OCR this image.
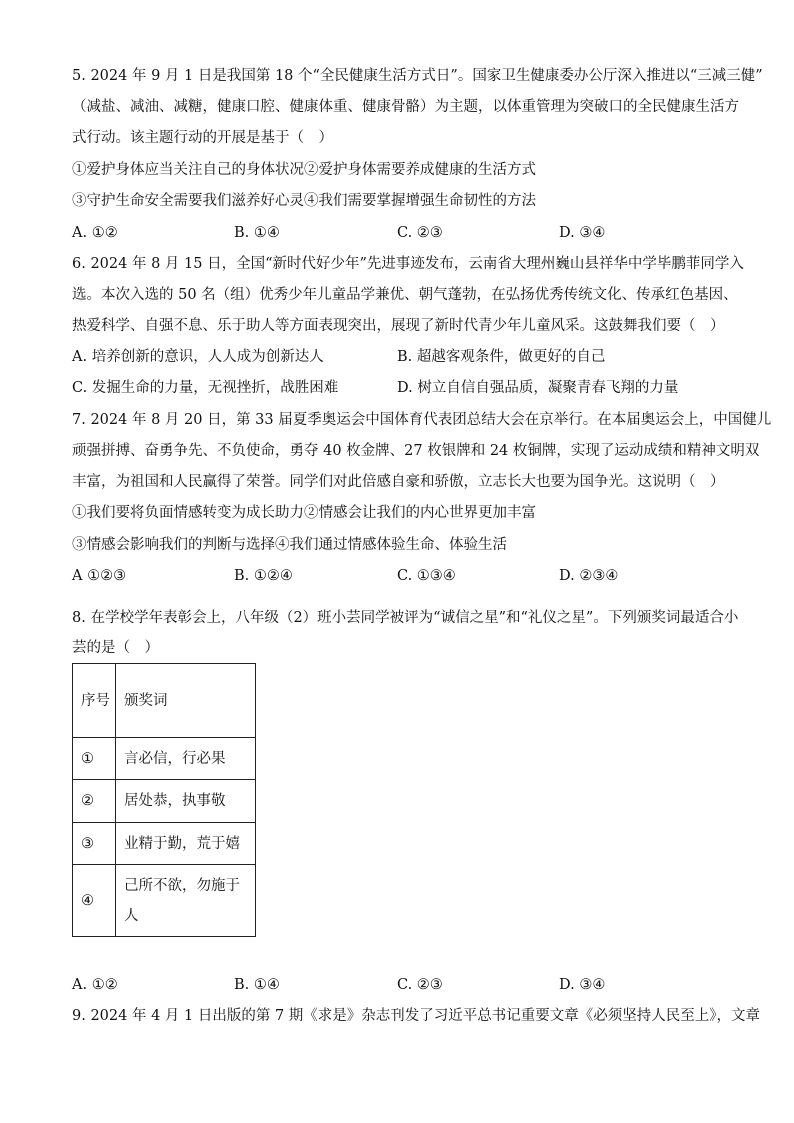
5. 2024 年 9 月 1 日是我国第 18 个“全民健康生活方式日”。国家卫生健康委办公厅深入推进以“三减三健”
（减盐、减油、减糖，健康口腔、健康体重、健康骨骼）为主题，以体重管理为突破口的全民健康生活方
式行动。该主题行动的开展是基于（　）
①爱护身体应当关注自己的身体状况②爱护身体需要养成健康的生活方式
③守护生命安全需要我们滋养好心灵④我们需要掌握增强生命韧性的方法
A. ①②	B. ①④	C. ②③	D. ③④
6. 2024 年 8 月 15 日，全国“新时代好少年”先进事迹发布，云南省大理州巍山县祥华中学毕鹏菲同学入
选。本次入选的 50 名（组）优秀少年儿童品学兼优、朝气蓬勃，在弘扬优秀传统文化、传承红色基因、
热爱科学、自强不息、乐于助人等方面表现突出，展现了新时代青少年儿童风采。这鼓舞我们要（　）
A. 培养创新的意识，人人成为创新达人	B. 超越客观条件，做更好的自己
C. 发掘生命的力量，无视挫折，战胜困难	D. 树立自信自强品质，凝聚青春飞翔的力量
7. 2024 年 8 月 20 日，第 33 届夏季奥运会中国体育代表团总结大会在京举行。在本届奥运会上，中国健儿
顽强拼搏、奋勇争先、不负使命，勇夺 40 枚金牌、27 枚银牌和 24 枚铜牌，实现了运动成绩和精神文明双
丰富，为祖国和人民赢得了荣誉。同学们对此倍感自豪和骄傲，立志长大也要为国争光。这说明（　）
①我们要将负面情感转变为成长助力②情感会让我们的内心世界更加丰富
③情感会影响我们的判断与选择④我们通过情感体验生命、体验生活
A ①②③	B. ①②④	C. ①③④	D. ②③④
8. 在学校学年表彰会上，八年级（2）班小芸同学被评为“诚信之星”和“礼仪之星”。下列颁奖词最适合小
芸的是（　）
序号	颁奖词
①	言必信，行必果
②	居处恭，执事敬
③	业精于勤，荒于嬉
④	己所不欲，勿施于人
A. ①②	B. ①④	C. ②③	D. ③④
9. 2024 年 4 月 1 日出版的第 7 期《求是》杂志刊发了习近平总书记重要文章《必须坚持人民至上》，文章
